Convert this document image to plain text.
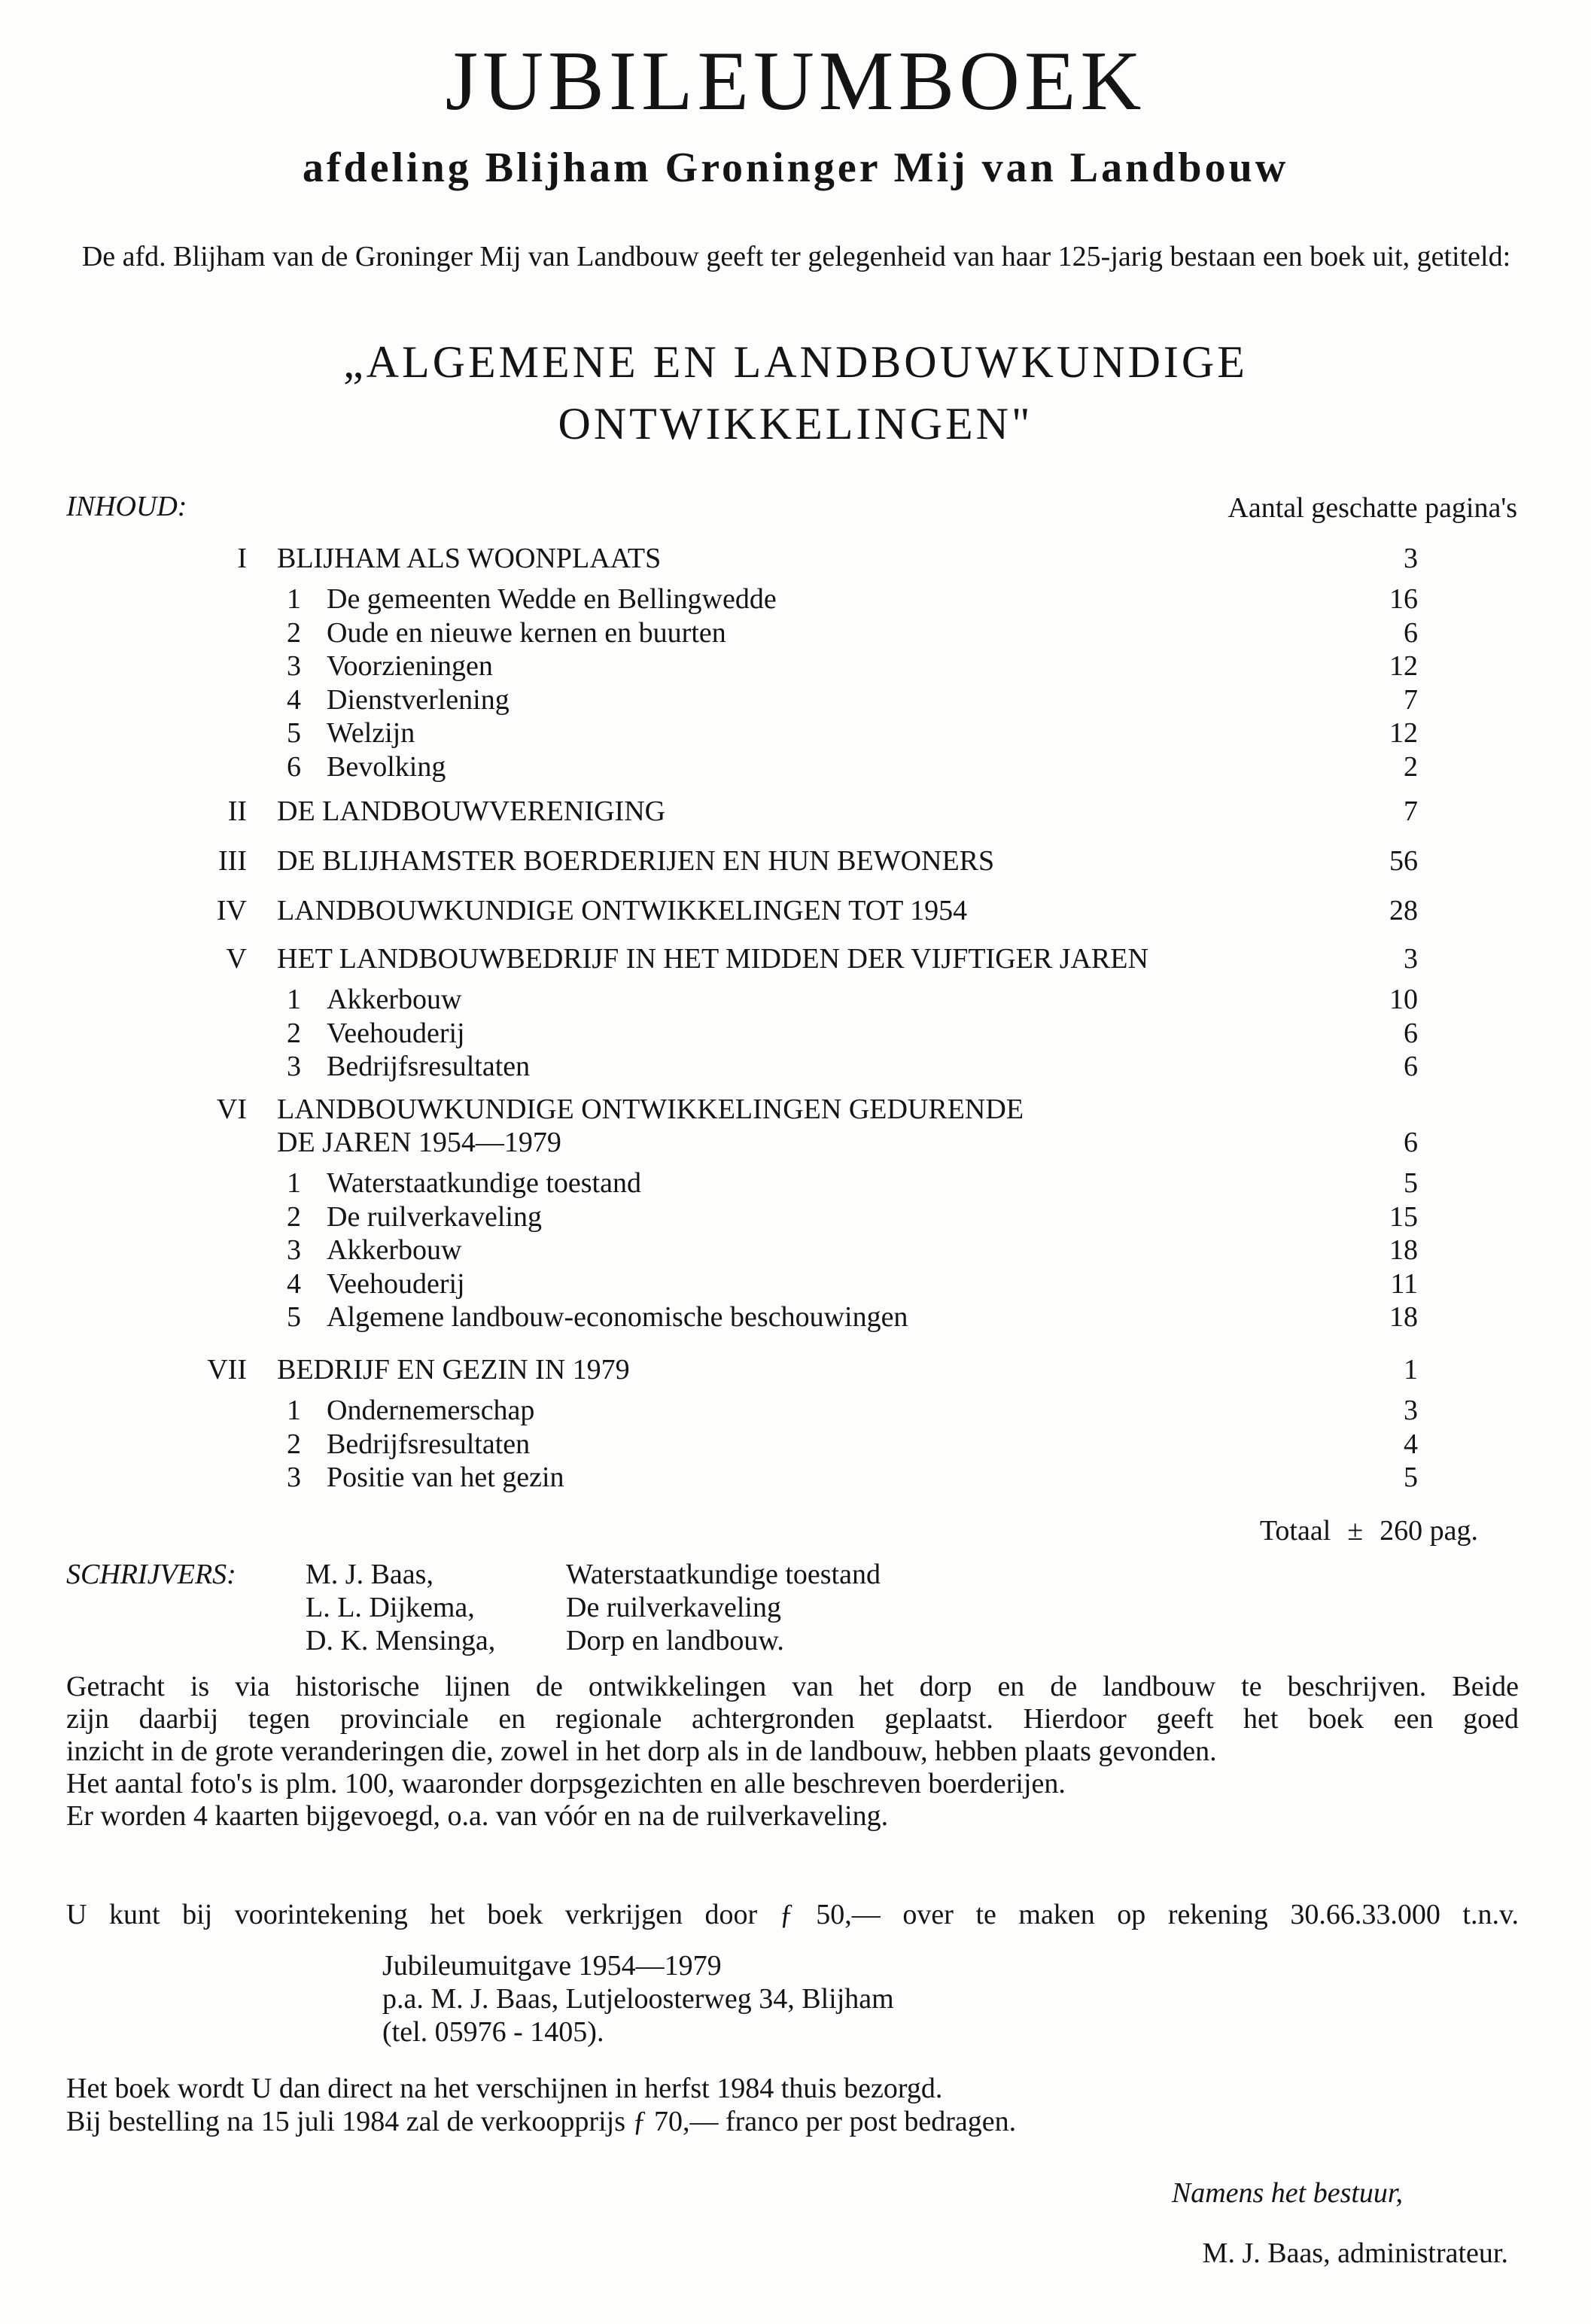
JUBILEUMBOEK
afdeling Blijham Groninger Mij van Landbouw
De afd. Blijham van de Groninger Mij van Landbouw geeft ter gelegenheid van haar 125-jarig bestaan een boek uit, getiteld:
„ALGEMENE EN LANDBOUWKUNDIGE
ONTWIKKELINGEN"
INHOUD:	Aantal geschatte pagina's
I BLIJHAM ALS WOONPLAATS	3
1 De gemeenten Wedde en Bellingwedde	16
2 Oude en nieuwe kernen en buurten	6
3 Voorzieningen	12
4 Dienstverlening	7
5 Welzijn	12
6 Bevolking	2
II DE LANDBOUWVERENIGING	7
III DE BLIJHAMSTER BOERDERIJEN EN HUN BEWONERS	56
IV LANDBOUWKUNDIGE ONTWIKKELINGEN TOT 1954	28
V HET LANDBOUWBEDRIJF IN HET MIDDEN DER VIJFTIGER JAREN	3
1 Akkerbouw	10
2 Veehouderij	6
3 Bedrijfsresultaten	6
VI LANDBOUWKUNDIGE ONTWIKKELINGEN GEDURENDE
DE JAREN 1954—1979	6
1 Waterstaatkundige toestand	5
2 De ruilverkaveling	15
3 Akkerbouw	18
4 Veehouderij	11
5 Algemene landbouw-economische beschouwingen	18
VII BEDRIJF EN GEZIN IN 1979	1
1 Ondernemerschap	3
2 Bedrijfsresultaten	4
3 Positie van het gezin	5
Totaal ± 260 pag.
SCHRIJVERS: M. J. Baas,	Waterstaatkundige toestand
L. L. Dijkema,	De ruilverkaveling
D. K. Mensinga, Dorp en landbouw.
Getracht is via historische lijnen de ontwikkelingen van het dorp en de landbouw te beschrijven. Beide
zijn daarbij tegen provinciale en regionale achtergronden geplaatst. Hierdoor geeft het boek een goed
inzicht in de grote veranderingen die, zowel in het dorp als in de landbouw, hebben plaats gevonden.
Het aantal foto's is plm. 100, waaronder dorpsgezichten en alle beschreven boerderijen.
Er worden 4 kaarten bijgevoegd, o.a. van vóór en na de ruilverkaveling.
U kunt bij voorintekening het boek verkrijgen door ƒ 50,— over te maken op rekening 30.66.33.000 t.n.v.
Jubileumuitgave 1954—1979
p.a. M. J. Baas, Lutjeloosterweg 34, Blijham
(tel. 05976 - 1405).
Het boek wordt U dan direct na het verschijnen in herfst 1984 thuis bezorgd.
Bij bestelling na 15 juli 1984 zal de verkoopprijs ƒ 70,— franco per post bedragen.
Namens het bestuur,
M. J. Baas, administrateur.
